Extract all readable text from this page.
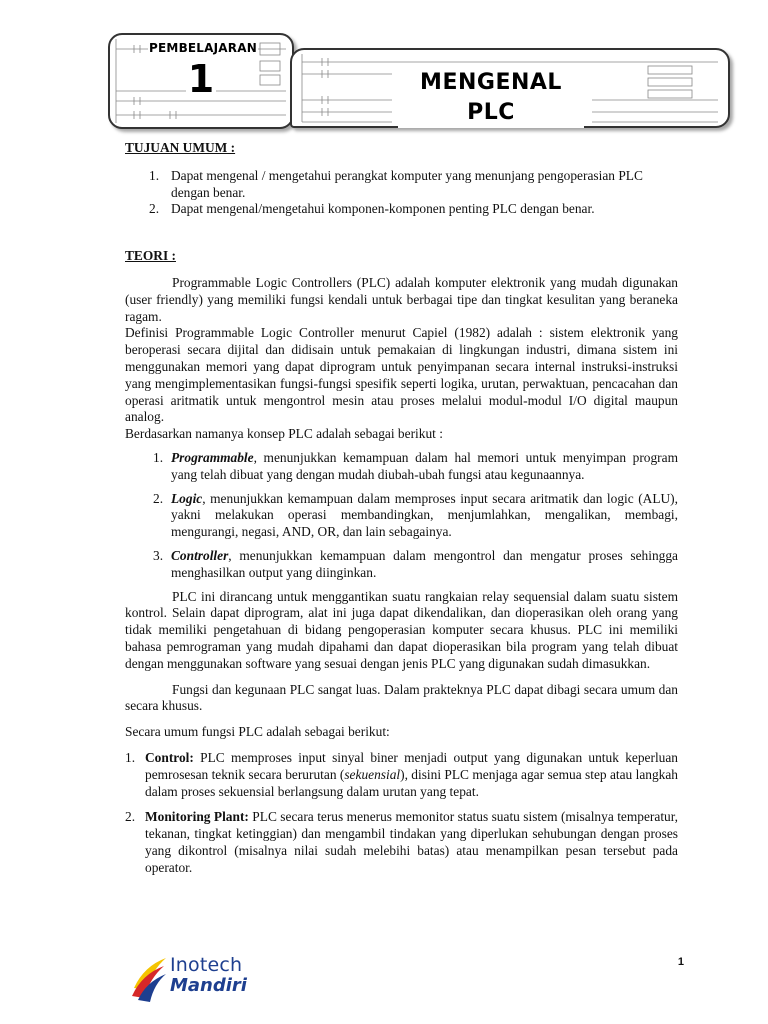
PEMBELAJARAN
1	MENGENAL PLC
TUJUAN UMUM :
1. Dapat mengenal / mengetahui perangkat komputer yang menunjang pengoperasian PLC dengan benar.
2. Dapat mengenal/mengetahui komponen-komponen penting PLC dengan benar.
TEORI :

Programmable Logic Controllers (PLC) adalah komputer elektronik yang mudah digunakan (user friendly) yang memiliki fungsi kendali untuk berbagai tipe dan tingkat kesulitan yang beraneka ragam.

Definisi Programmable Logic Controller menurut Capiel (1982) adalah : sistem elektronik yang beroperasi secara dijital dan didisain untuk pemakaian di lingkungan industri, dimana sistem ini menggunakan memori yang dapat diprogram untuk penyimpanan secara internal instruksi-instruksi yang mengimplementasikan fungsi-fungsi spesifik seperti logika, urutan, perwaktuan, pencacahan dan operasi aritmatik untuk mengontrol mesin atau proses melalui modul-modul I/O digital maupun analog.

Berdasarkan namanya konsep PLC adalah sebagai berikut :

1. Programmable, menunjukkan kemampuan dalam hal memori untuk menyimpan program yang telah dibuat yang dengan mudah diubah-ubah fungsi atau kegunaannya.
2. Logic, menunjukkan kemampuan dalam memproses input secara aritmatik dan logic (ALU), yakni melakukan operasi membandingkan, menjumlahkan, mengalikan, membagi, mengurangi, negasi, AND, OR, dan lain sebagainya.
3. Controller, menunjukkan kemampuan dalam mengontrol dan mengatur proses sehingga menghasilkan output yang diinginkan.

PLC ini dirancang untuk menggantikan suatu rangkaian relay sequensial dalam suatu sistem kontrol. Selain dapat diprogram, alat ini juga dapat dikendalikan, dan dioperasikan oleh orang yang tidak memiliki pengetahuan di bidang pengoperasian komputer secara khusus. PLC ini memiliki bahasa pemrograman yang mudah dipahami dan dapat dioperasikan bila program yang telah dibuat dengan menggunakan software yang sesuai dengan jenis PLC yang digunakan sudah dimasukkan.

Fungsi dan kegunaan PLC sangat luas. Dalam prakteknya PLC dapat dibagi secara umum dan secara khusus.

Secara umum fungsi PLC adalah sebagai berikut:

1. Control: PLC memproses input sinyal biner menjadi output yang digunakan untuk keperluan pemrosesan teknik secara berurutan (sekuensial), disini PLC menjaga agar semua step atau langkah dalam proses sekuensial berlangsung dalam urutan yang tepat.
2. Monitoring Plant: PLC secara terus menerus memonitor status suatu sistem (misalnya temperatur, tekanan, tingkat ketinggian) dan mengambil tindakan yang diperlukan sehubungan dengan proses yang dikontrol (misalnya nilai sudah melebihi batas) atau menampilkan pesan tersebut pada operator.
Inotech
Mandiri
1
